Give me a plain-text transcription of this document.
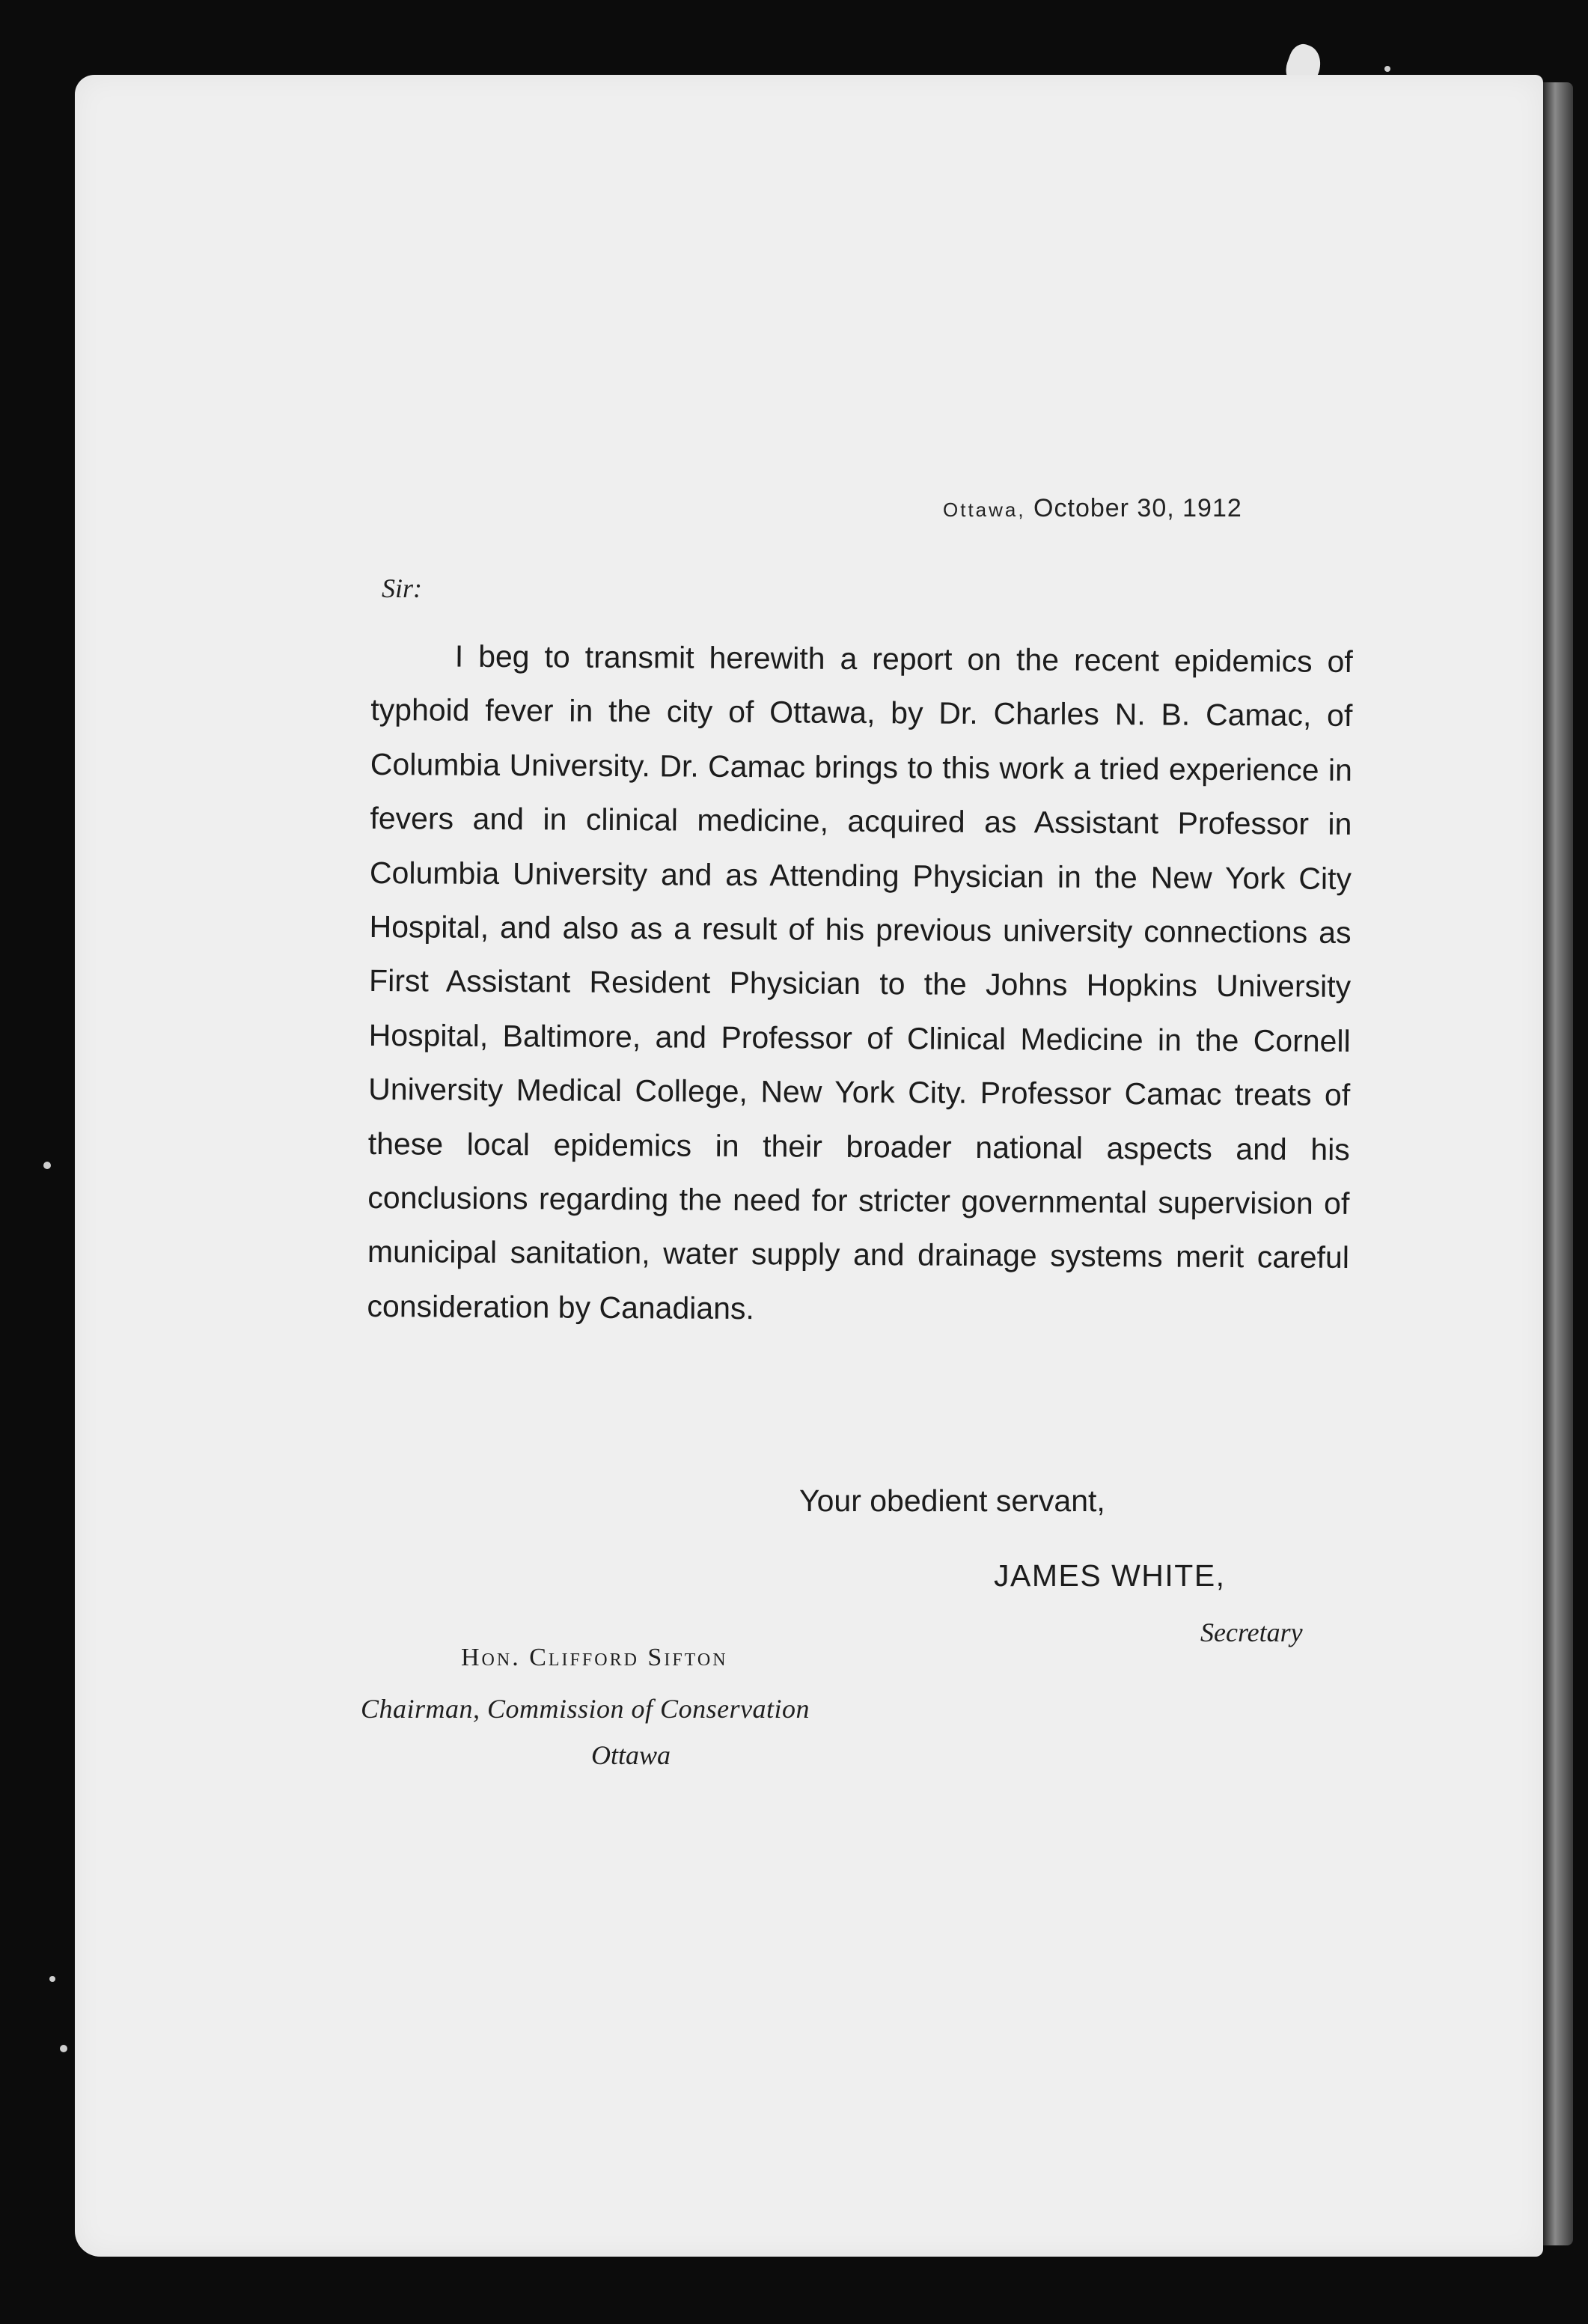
Ottawa, October 30, 1912
Sir:

I beg to transmit herewith a report on the recent epidemics of typhoid fever in the city of Ottawa, by Dr. Charles N. B. Camac, of Columbia University. Dr. Camac brings to this work a tried experience in fevers and in clinical medicine, acquired as Assistant Professor in Columbia University and as Attending Physician in the New York City Hospital, and also as a result of his previous university connections as First Assistant Resident Physician to the Johns Hopkins University Hospital, Baltimore, and Professor of Clinical Medicine in the Cornell University Medical College, New York City. Professor Camac treats of these local epidemics in their broader national aspects and his conclusions regarding the need for stricter governmental supervision of municipal sanitation, water supply and drainage systems merit careful consideration by Canadians.

Your obedient servant,
JAMES WHITE,
Secretary
Hon. Clifford Sifton
Chairman, Commission of Conservation
Ottawa
